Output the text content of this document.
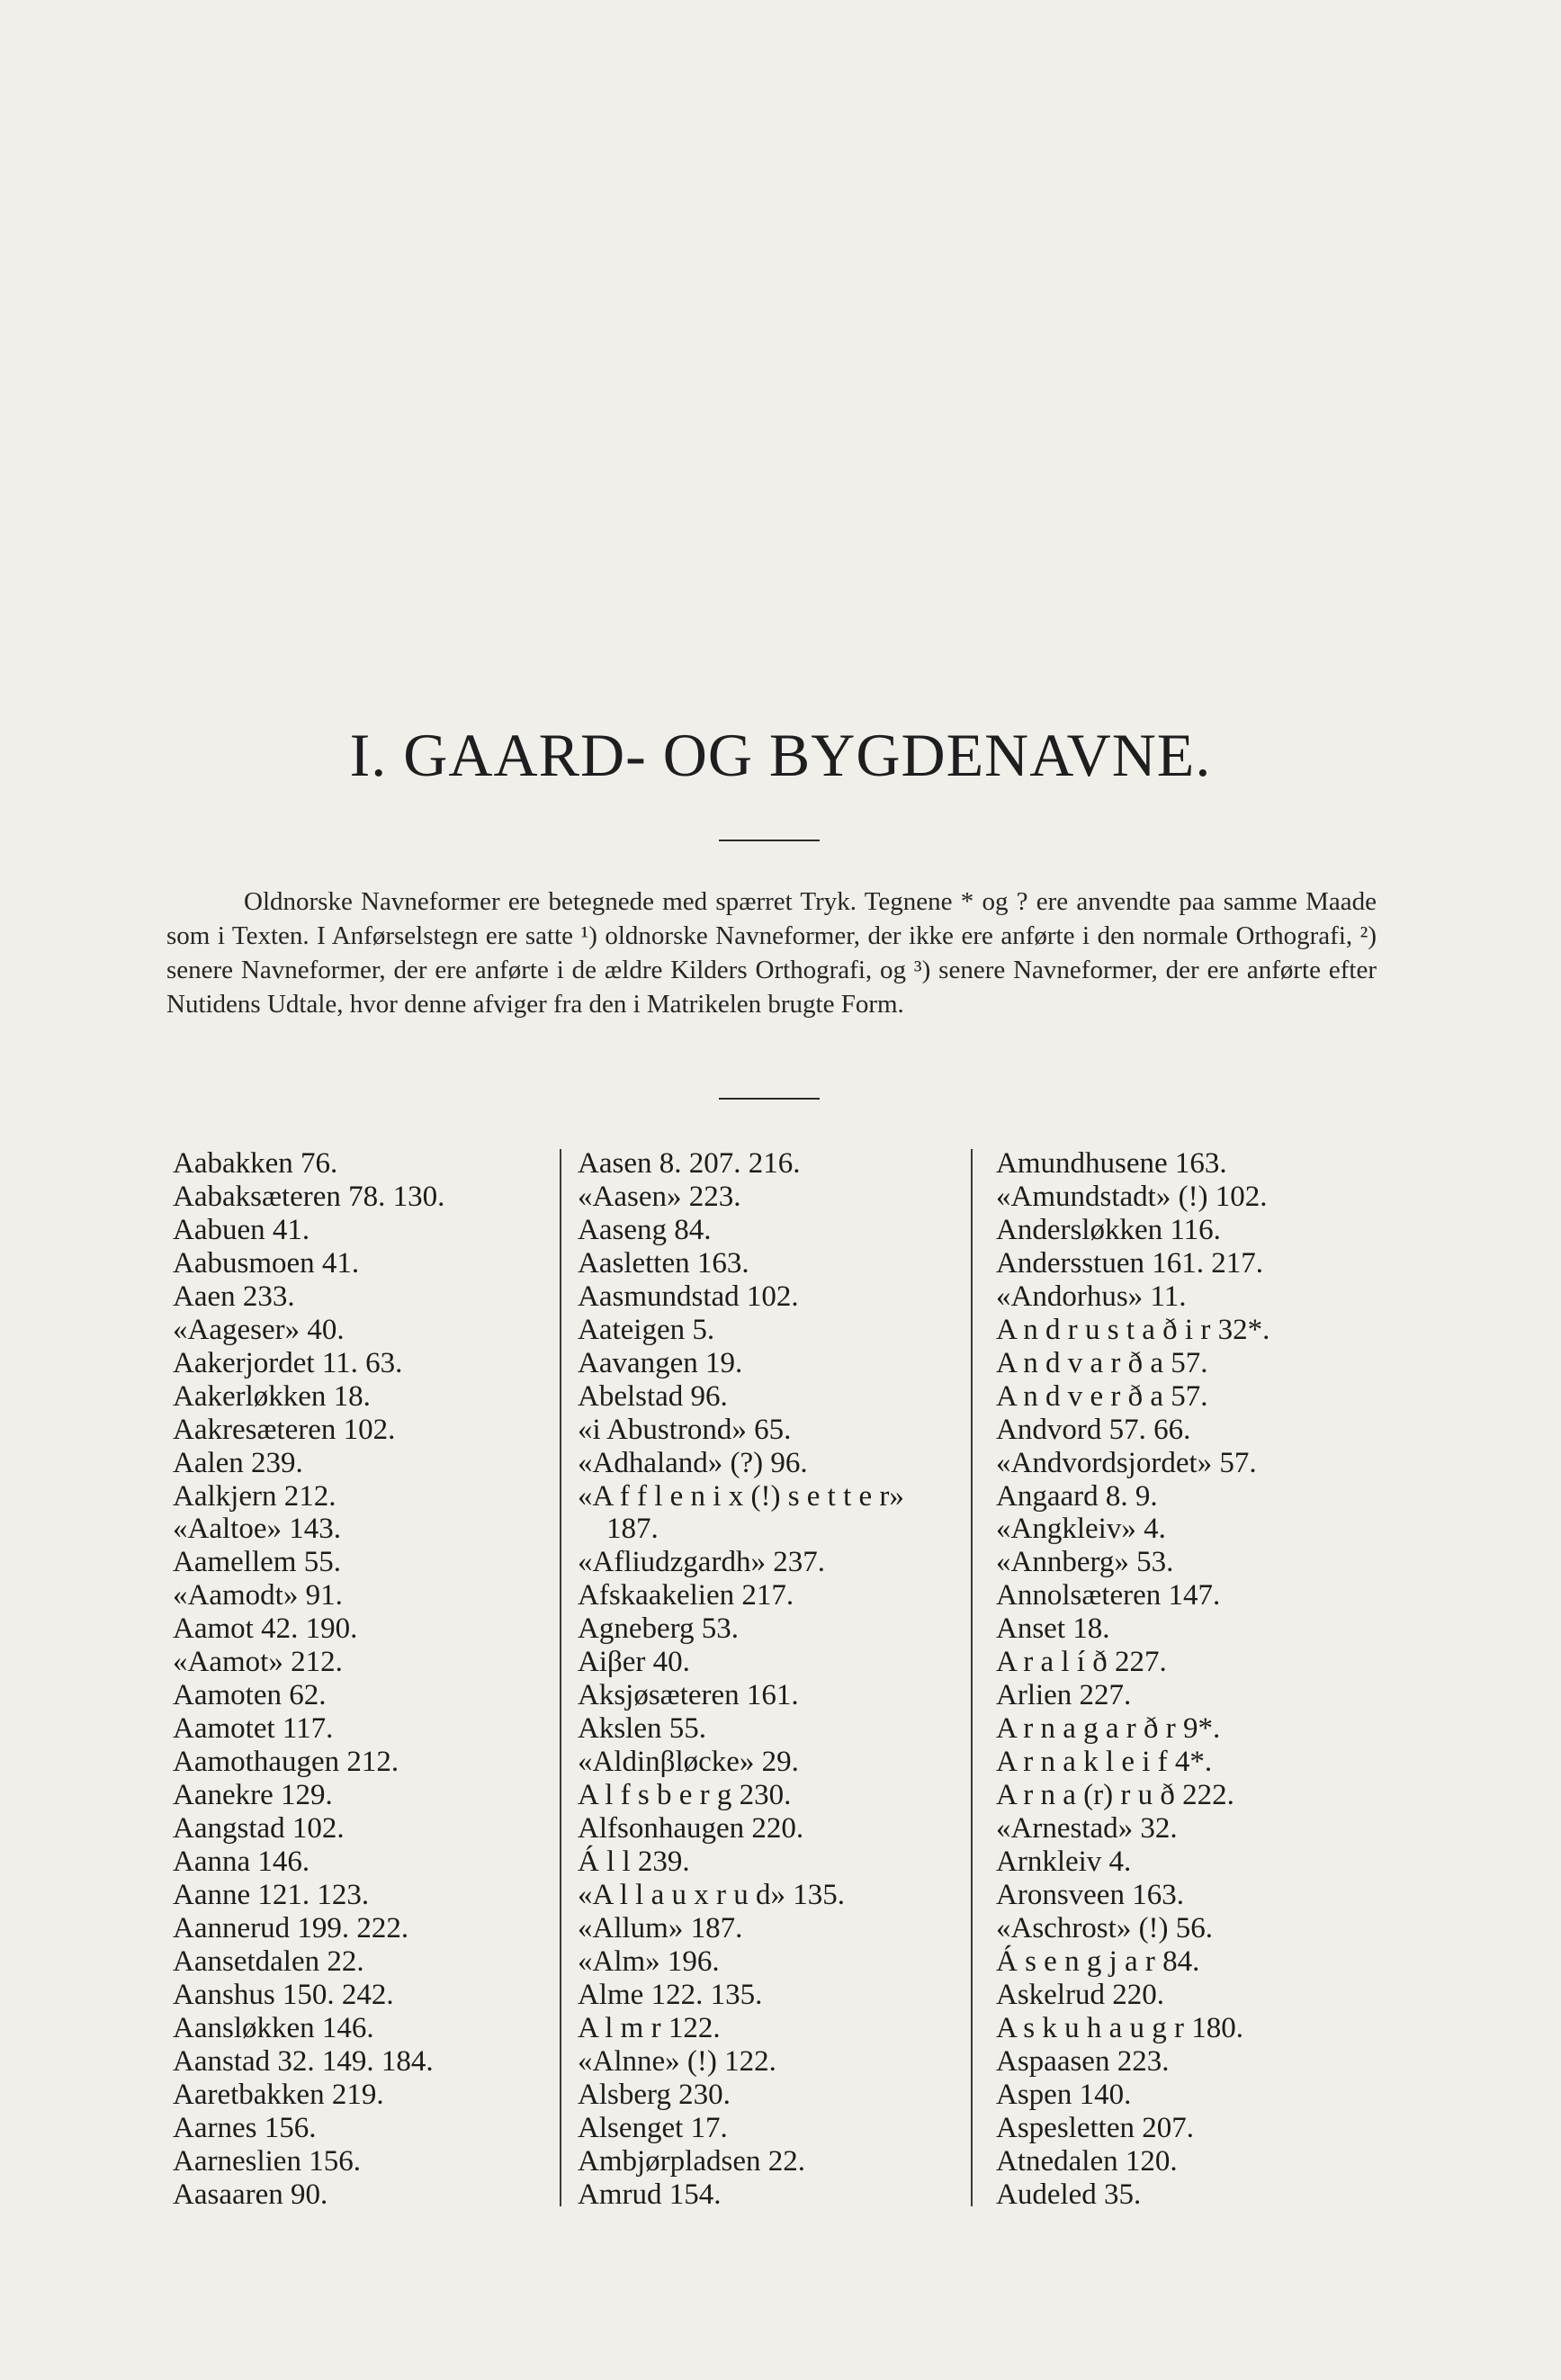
I. GAARD- OG BYGDENAVNE.

Oldnorske Navneformer ere betegnede med spærret Tryk. Tegnene * og ? ere anvendte paa samme Maade som i Texten. I Anførselstegn ere satte ¹) oldnorske Navneformer, der ikke ere anførte i den normale Orthografi, ²) senere Navneformer, der ere anførte i de ældre Kilders Orthografi, og ³) senere Navneformer, der ere anførte efter Nutidens Udtale, hvor denne afviger fra den i Matrikelen brugte Form.

Aabakken 76.
Aabaksæteren 78. 130.
Aabuen 41.
Aabusmoen 41.
Aaen 233.
«Aageser» 40.
Aakerjordet 11. 63.
Aakerløkken 18.
Aakresæteren 102.
Aalen 239.
Aalkjern 212.
«Aaltoe» 143.
Aamellem 55.
«Aamodt» 91.
Aamot 42. 190.
«Aamot» 212.
Aamoten 62.
Aamotet 117.
Aamothaugen 212.
Aanekre 129.
Aangstad 102.
Aanna 146.
Aanne 121. 123.
Aannerud 199. 222.
Aansetdalen 22.
Aanshus 150. 242.
Aansløkken 146.
Aanstad 32. 149. 184.
Aaretbakken 219.
Aarnes 156.
Aarneslien 156.
Aasaaren 90.
Aasen 8. 207. 216.
«Aasen» 223.
Aaseng 84.
Aasletten 163.
Aasmundstad 102.
Aateigen 5.
Aavangen 19.
Abelstad 96.
«i Abustrond» 65.
«Adhaland» (?) 96.
«A f f l e n i x (!) s e t t e r»
187.
«Afliudzgardh» 237.
Afskaakelien 217.
Agneberg 53.
Aiβer 40.
Aksjøsæteren 161.
Akslen 55.
«Aldinβløcke» 29.
A l f s b e r g 230.
Alfsonhaugen 220.
Á l l 239.
«A l l a u x r u d» 135.
«Allum» 187.
«Alm» 196.
Alme 122. 135.
A l m r 122.
«Alnne» (!) 122.
Alsberg 230.
Alsenget 17.
Ambjørpladsen 22.
Amrud 154.
Amundhusene 163.
«Amundstadt» (!) 102.
Andersløkken 116.
Andersstuen 161. 217.
«Andorhus» 11.
A n d r u s t a ð i r 32*.
A n d v a r ð a 57.
A n d v e r ð a 57.
Andvord 57. 66.
«Andvordsjordet» 57.
Angaard 8. 9.
«Angkleiv» 4.
«Annberg» 53.
Annolsæteren 147.
Anset 18.
A r a l í ð 227.
Arlien 227.
A r n a g a r ð r 9*.
A r n a k l e i f 4*.
A r n a (r) r u ð 222.
«Arnestad» 32.
Arnkleiv 4.
Aronsveen 163.
«Aschrost» (!) 56.
Á s e n g j a r 84.
Askelrud 220.
A s k u h a u g r 180.
Aspaasen 223.
Aspen 140.
Aspesletten 207.
Atnedalen 120.
Audeled 35.
